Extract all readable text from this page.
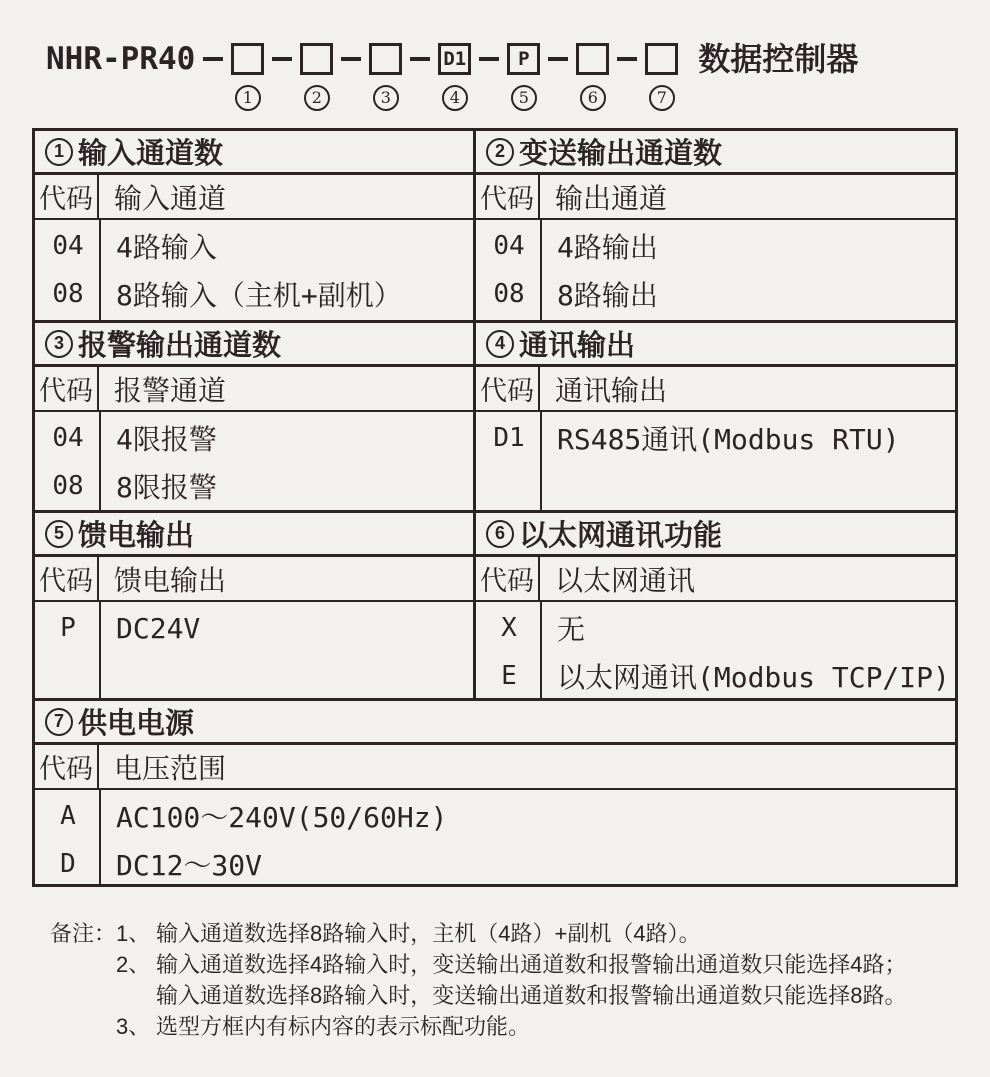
NHR-PR40
1	2	3
D1
4
P
5	6	7
数据控制器
1 输入通道数
代码 输入通道
04	4路输入
08	8路输入（主机+副机）
2 变送输出通道数
代码 输出通道
04	4路输出
08	8路输出
3 报警输出通道数
代码 报警通道
04	4限报警
08	8限报警
4 通讯输出
代码 通讯输出
D1	RS485通讯(Modbus RTU)
5 馈电输出
代码 馈电输出
P	DC24V
6 以太网通讯功能
代码 以太网通讯
X	无
E	以太网通讯(Modbus TCP/IP)
7 供电电源
代码 电压范围
A	AC100～240V(50/60Hz)
D	DC12～30V
备注： 1、 输入通道数选择8路输入时，主机（4路）+副机（4路）。
2、 输入通道数选择4路输入时，变送输出通道数和报警输出通道数只能选择4路；
输入通道数选择8路输入时，变送输出通道数和报警输出通道数只能选择8路。
3、 选型方框内有标内容的表示标配功能。
